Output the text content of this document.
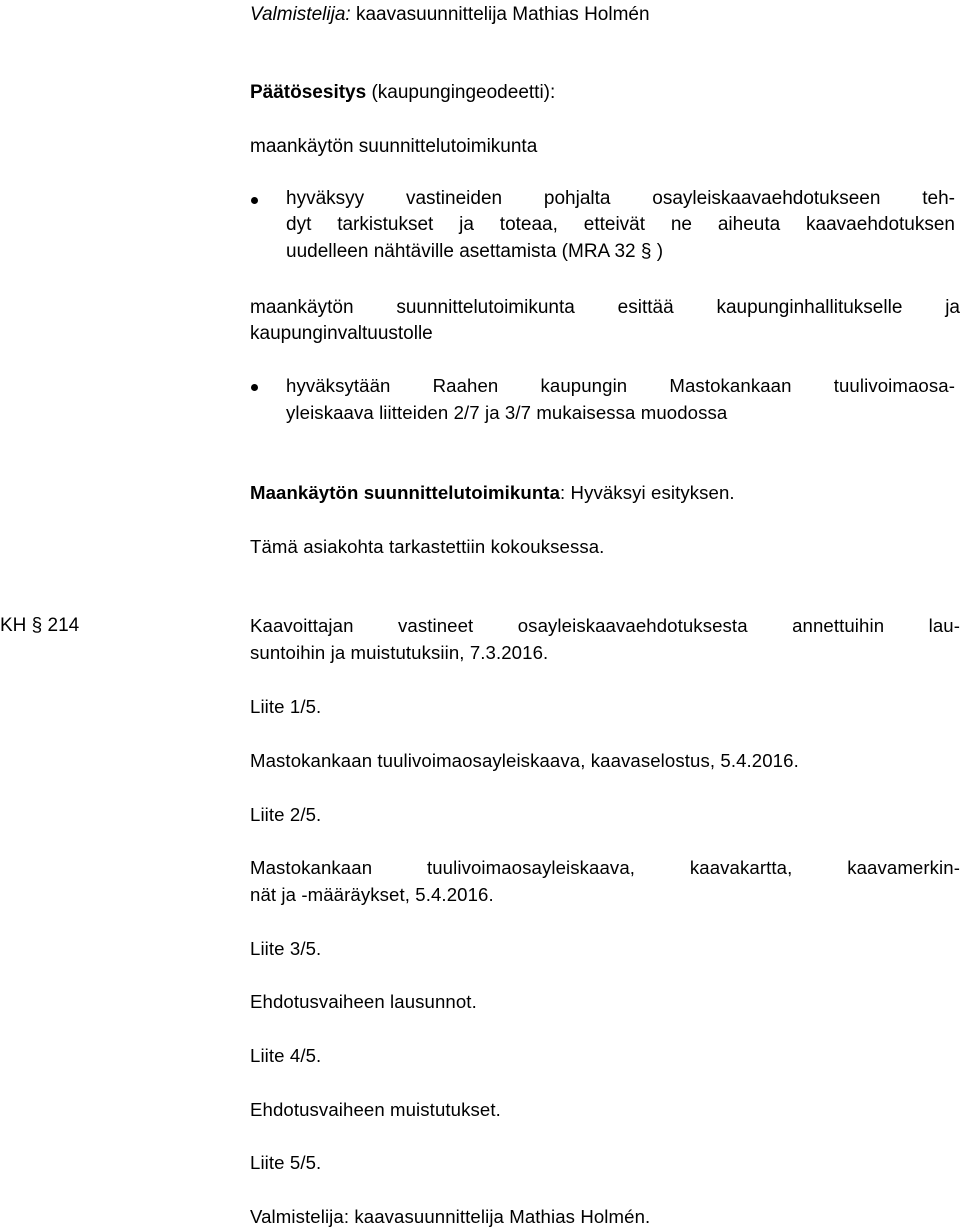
Valmistelija: kaavasuunnittelija Mathias Holmén
Päätösesitys (kaupungingeodeetti):
maankäytön suunnittelutoimikunta
hyväksyy vastineiden pohjalta osayleiskaavaehdotukseen teh-
dyt tarkistukset ja toteaa, etteivät ne aiheuta kaavaehdotuksen
uudelleen nähtäville asettamista (MRA 32 § )
maankäytön suunnittelutoimikunta esittää kaupunginhallitukselle ja
kaupunginvaltuustolle
hyväksytään Raahen kaupungin Mastokankaan tuulivoimaosa-
yleiskaava liitteiden 2/7 ja 3/7 mukaisessa muodossa
Maankäytön suunnittelutoimikunta: Hyväksyi esityksen.
Tämä asiakohta tarkastettiin kokouksessa.
KH § 214	Kaavoittajan vastineet osayleiskaavaehdotuksesta annettuihin lau-
suntoihin ja muistutuksiin, 7.3.2016.
Liite 1/5.
Mastokankaan tuulivoimaosayleiskaava, kaavaselostus, 5.4.2016.
Liite 2/5.
Mastokankaan tuulivoimaosayleiskaava, kaavakartta, kaavamerkin-
nät ja -määräykset, 5.4.2016.
Liite 3/5.
Ehdotusvaiheen lausunnot.
Liite 4/5.
Ehdotusvaiheen muistutukset.
Liite 5/5.
Valmistelija: kaavasuunnittelija Mathias Holmén.
